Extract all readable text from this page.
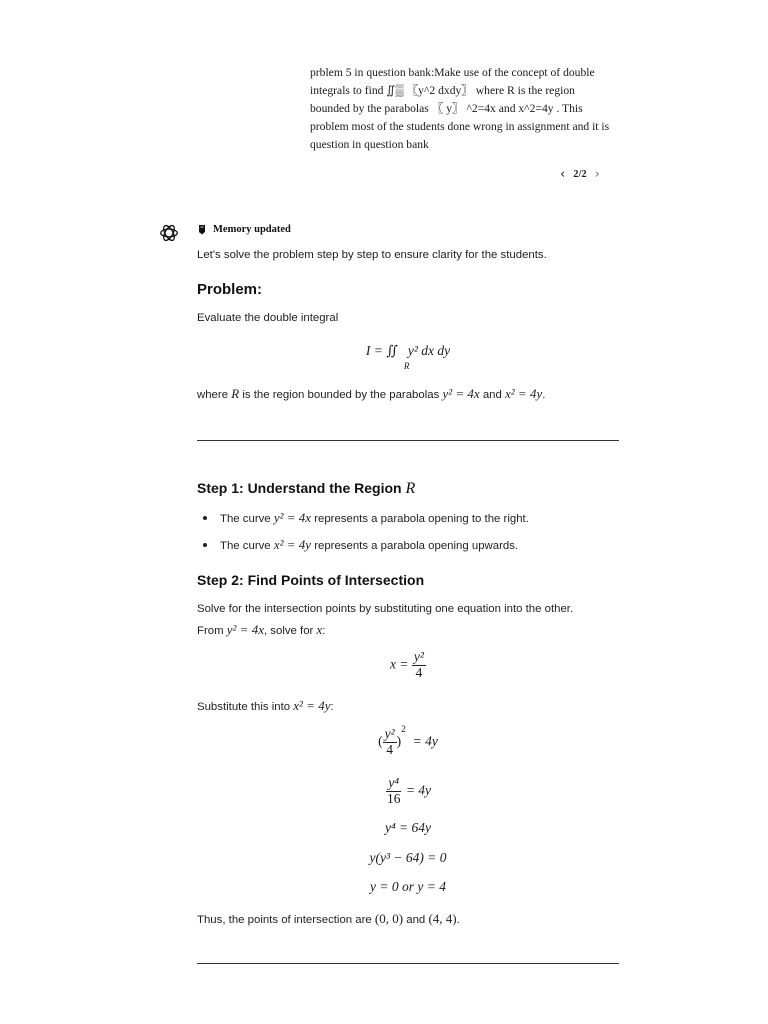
prblem 5 in question bank:Make use of the concept of double integrals to find ∬▒ 〖y^2 dxdy〗 where R is the region bounded by the parabolas 〖 y〗 ^2=4x and x^2=4y . This problem most of the students done wrong in assignment and it is question in question bank
‹ 2/2 ›
Memory updated
Let's solve the problem step by step to ensure clarity for the students.
Problem:
Evaluate the double integral
I = ∬
R
y² dx dy
where R is the region bounded by the parabolas y² = 4x and x² = 4y.
Step 1: Understand the Region R
The curve y² = 4x represents a parabola opening to the right.
The curve x² = 4y represents a parabola opening upwards.
Step 2: Find Points of Intersection
Solve for the intersection points by substituting one equation into the other.
From y² = 4x, solve for x:
$x = \frac{\text{y²}}{4}$
Substitute this into x² = 4y:
( $\frac{\text{y²}}{4} )^2 = 4y$
$\frac{\text{y⁴}}{16} = 4y$
y⁴ = 64y
y(y³ − 64) = 0
y = 0 or y = 4
Thus, the points of intersection are (0, 0) and (4, 4).
